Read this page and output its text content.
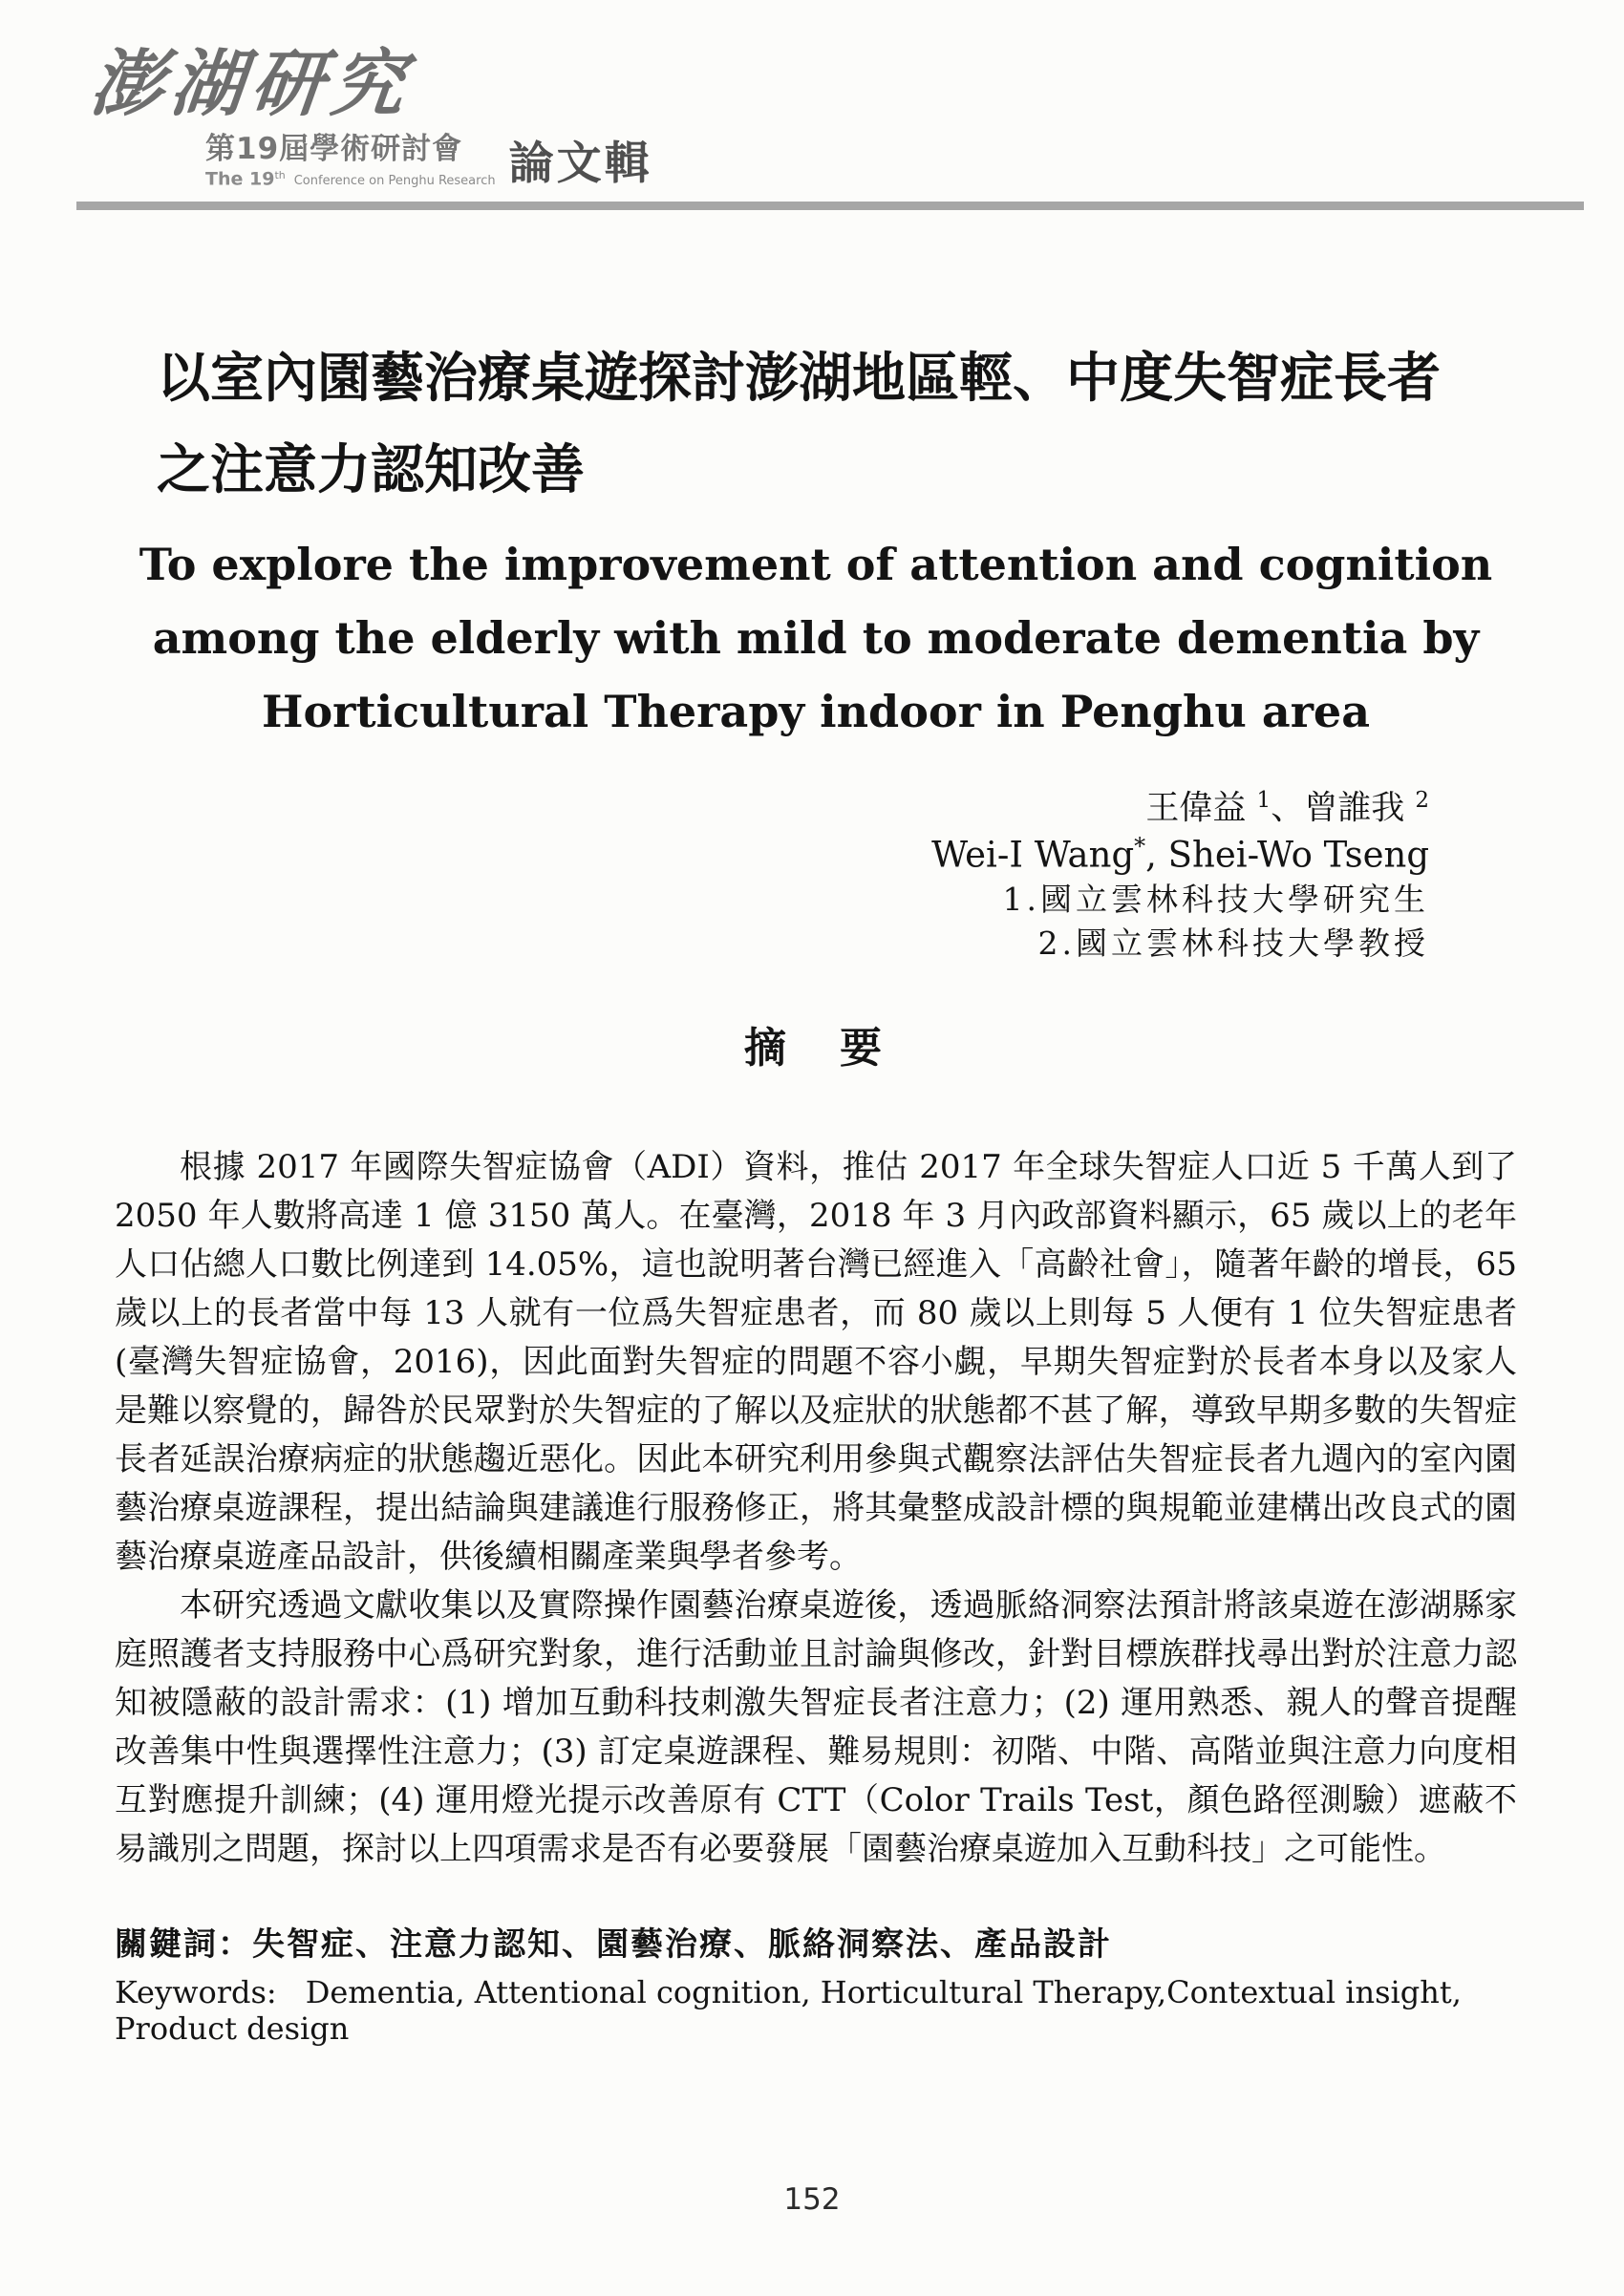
澎湖研究
第19屆學術研討會
The 19th Conference on Penghu Research 論文輯
以室內園藝治療桌遊探討澎湖地區輕、中度失智症長者之注意力認知改善
To explore the improvement of attention and cognition
among the elderly with mild to moderate dementia by
Horticultural Therapy indoor in Penghu area
王偉益 $^1$、曾誰我 $^2$
Wei-I Wang*, Shei-Wo Tseng
1.國立雲林科技大學研究生
2.國立雲林科技大學教授
摘　要

根據 2017 年國際失智症協會（ADI）資料，推估 2017 年全球失智症人口近 5 千萬人到了 2050 年人數將高達 1 億 3150 萬人。在臺灣，2018 年 3 月內政部資料顯示，65 歲以上的老年人口佔總人口數比例達到 14.05%，這也說明著台灣已經進入「高齡社會」，隨著年齡的增長，65 歲以上的長者當中每 13 人就有一位爲失智症患者，而 80 歲以上則每 5 人便有 1 位失智症患者(臺灣失智症協會，2016)，因此面對失智症的問題不容小覷，早期失智症對於長者本身以及家人是難以察覺的，歸咎於民眾對於失智症的了解以及症狀的狀態都不甚了解，導致早期多數的失智症長者延誤治療病症的狀態趨近惡化。因此本研究利用參與式觀察法評估失智症長者九週內的室內園藝治療桌遊課程，提出結論與建議進行服務修正，將其彙整成設計標的與規範並建構出改良式的園藝治療桌遊產品設計，供後續相關產業與學者參考。

本研究透過文獻收集以及實際操作園藝治療桌遊後，透過脈絡洞察法預計將該桌遊在澎湖縣家庭照護者支持服務中心爲研究對象，進行活動並且討論與修改，針對目標族群找尋出對於注意力認知被隱蔽的設計需求：(1) 增加互動科技刺激失智症長者注意力；(2) 運用熟悉、親人的聲音提醒改善集中性與選擇性注意力；(3) 訂定桌遊課程、難易規則：初階、中階、高階並與注意力向度相互對應提升訓練；(4) 運用燈光提示改善原有 CTT（Color Trails Test，顏色路徑測驗）遮蔽不易識別之問題，探討以上四項需求是否有必要發展「園藝治療桌遊加入互動科技」之可能性。

關鍵詞：失智症、注意力認知、園藝治療、脈絡洞察法、產品設計

Keywords: Dementia, Attentional cognition, Horticultural Therapy,Contextual insight, Product design

152
